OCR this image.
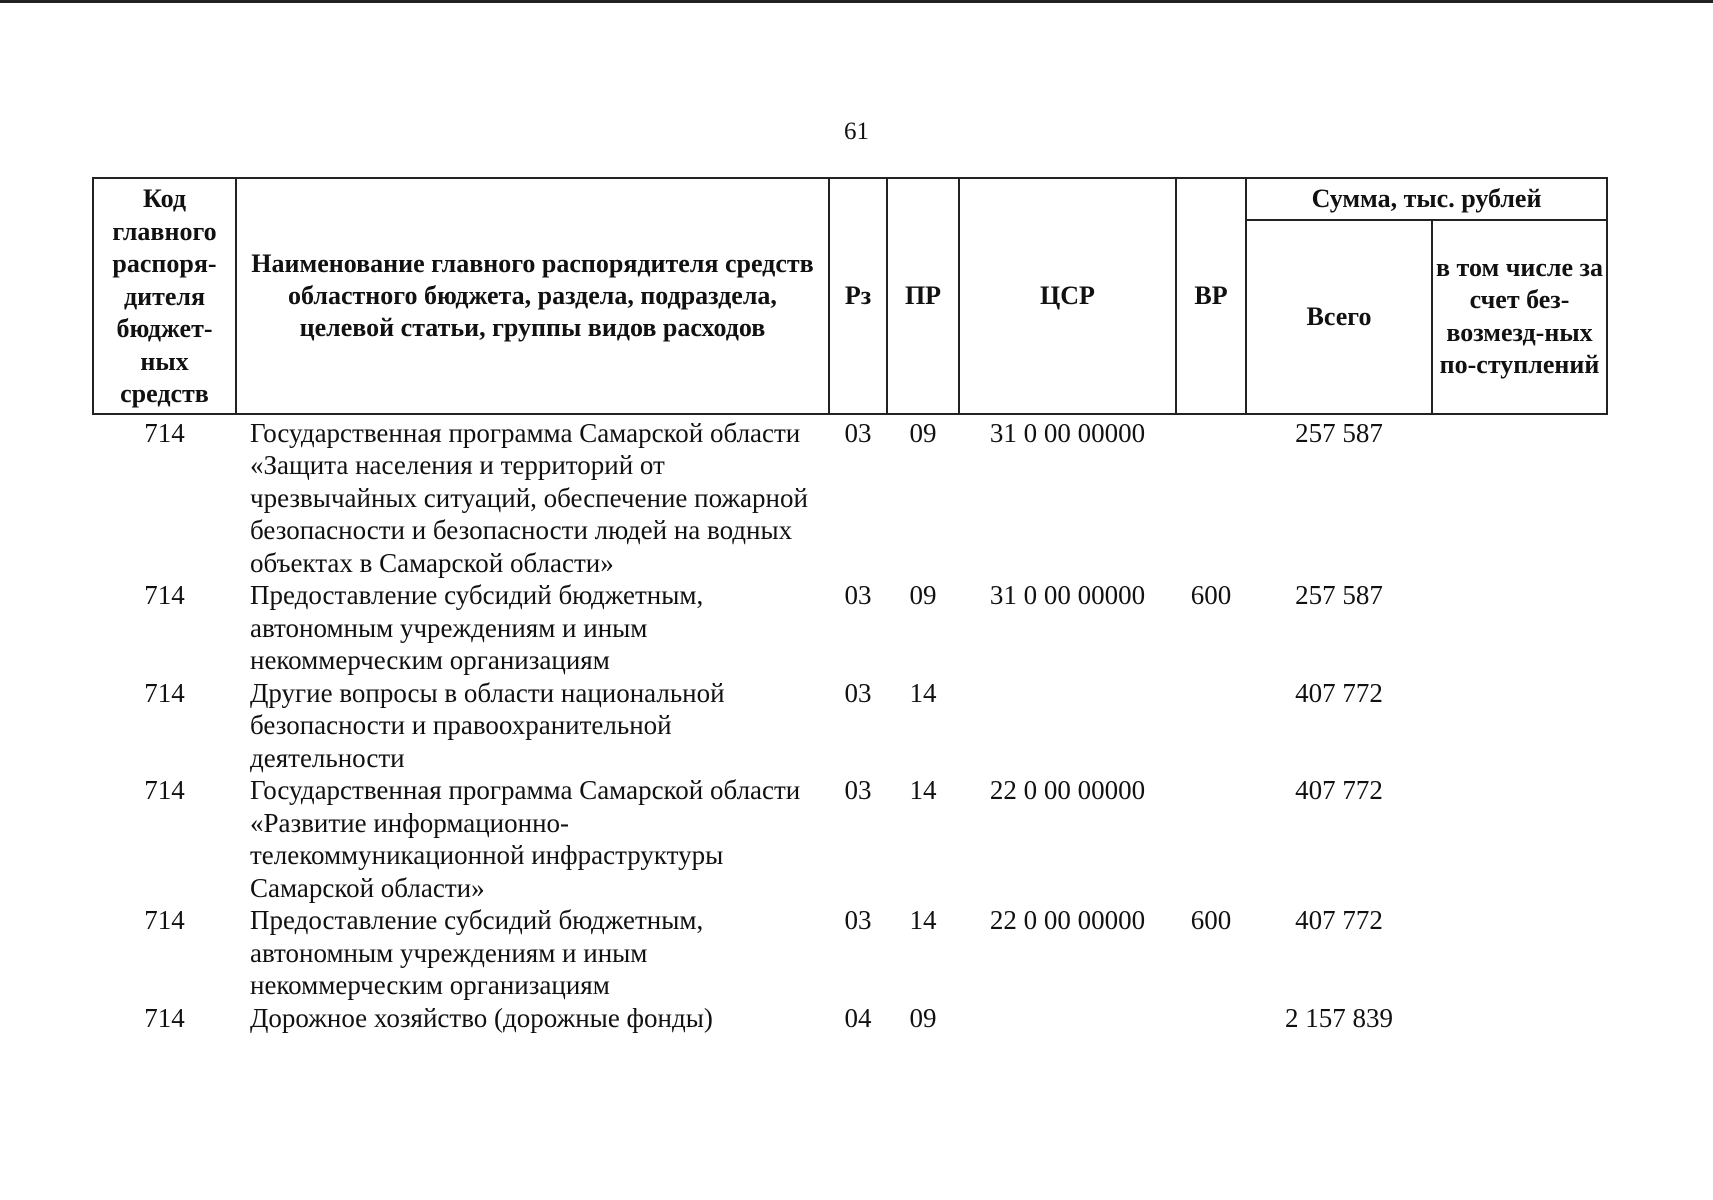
61
Код главного распоря-дителя бюджет-ных средств	Наименование главного распорядителя средств областного бюджета, раздела, подраздела, целевой статьи, группы видов расходов	Рз	ПР	ЦСР	ВР	Сумма, тыс. рублей	
						Всего	в том числе за счет без-возмезд-ных по-ступлений
714	Государственная программа Самарской области «Защита населения и территорий от чрезвычайных ситуаций, обеспечение пожарной безопасности и безопасности людей на водных объектах в Самарской области»	03	09	31 0 00 00000		257 587	
714	Предоставление субсидий бюджетным, автономным учреждениям и иным некоммерческим организациям	03	09	31 0 00 00000	600	257 587	
714	Другие вопросы в области национальной безопасности и правоохранительной деятельности	03	14			407 772	
714	Государственная программа Самарской области «Развитие информационно-телекоммуникационной инфраструктуры Самарской области»	03	14	22 0 00 00000		407 772	
714	Предоставление субсидий бюджетным, автономным учреждениям и иным некоммерческим организациям	03	14	22 0 00 00000	600	407 772	
714	Дорожное хозяйство (дорожные фонды)	04	09			2 157 839	
